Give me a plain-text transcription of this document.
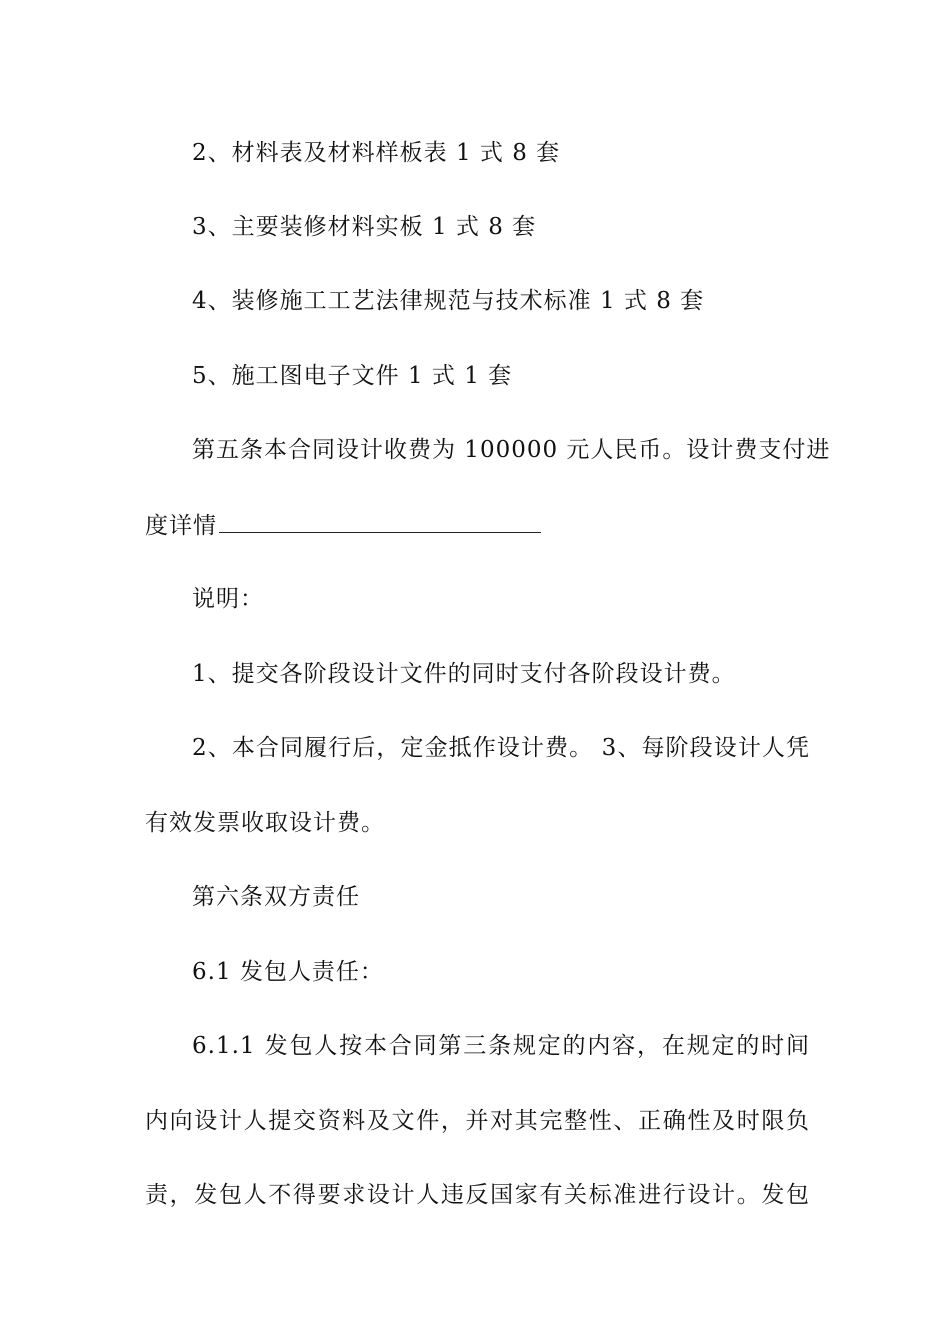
2、材料表及材料样板表 1 式 8 套
3、主要装修材料实板 1 式 8 套
4、装修施工工艺法律规范与技术标准 1 式 8 套
5、施工图电子文件 1 式 1 套
第五条本合同设计收费为 100000 元人民币。设计费支付进
度详情
说明：
1、提交各阶段设计文件的同时支付各阶段设计费。
2、本合同履行后，定金抵作设计费。 3、每阶段设计人凭
有效发票收取设计费。
第六条双方责任
6.1 发包人责任：
6.1.1 发包人按本合同第三条规定的内容，在规定的时间
内向设计人提交资料及文件，并对其完整性、正确性及时限负
责，发包人不得要求设计人违反国家有关标准进行设计。发包
